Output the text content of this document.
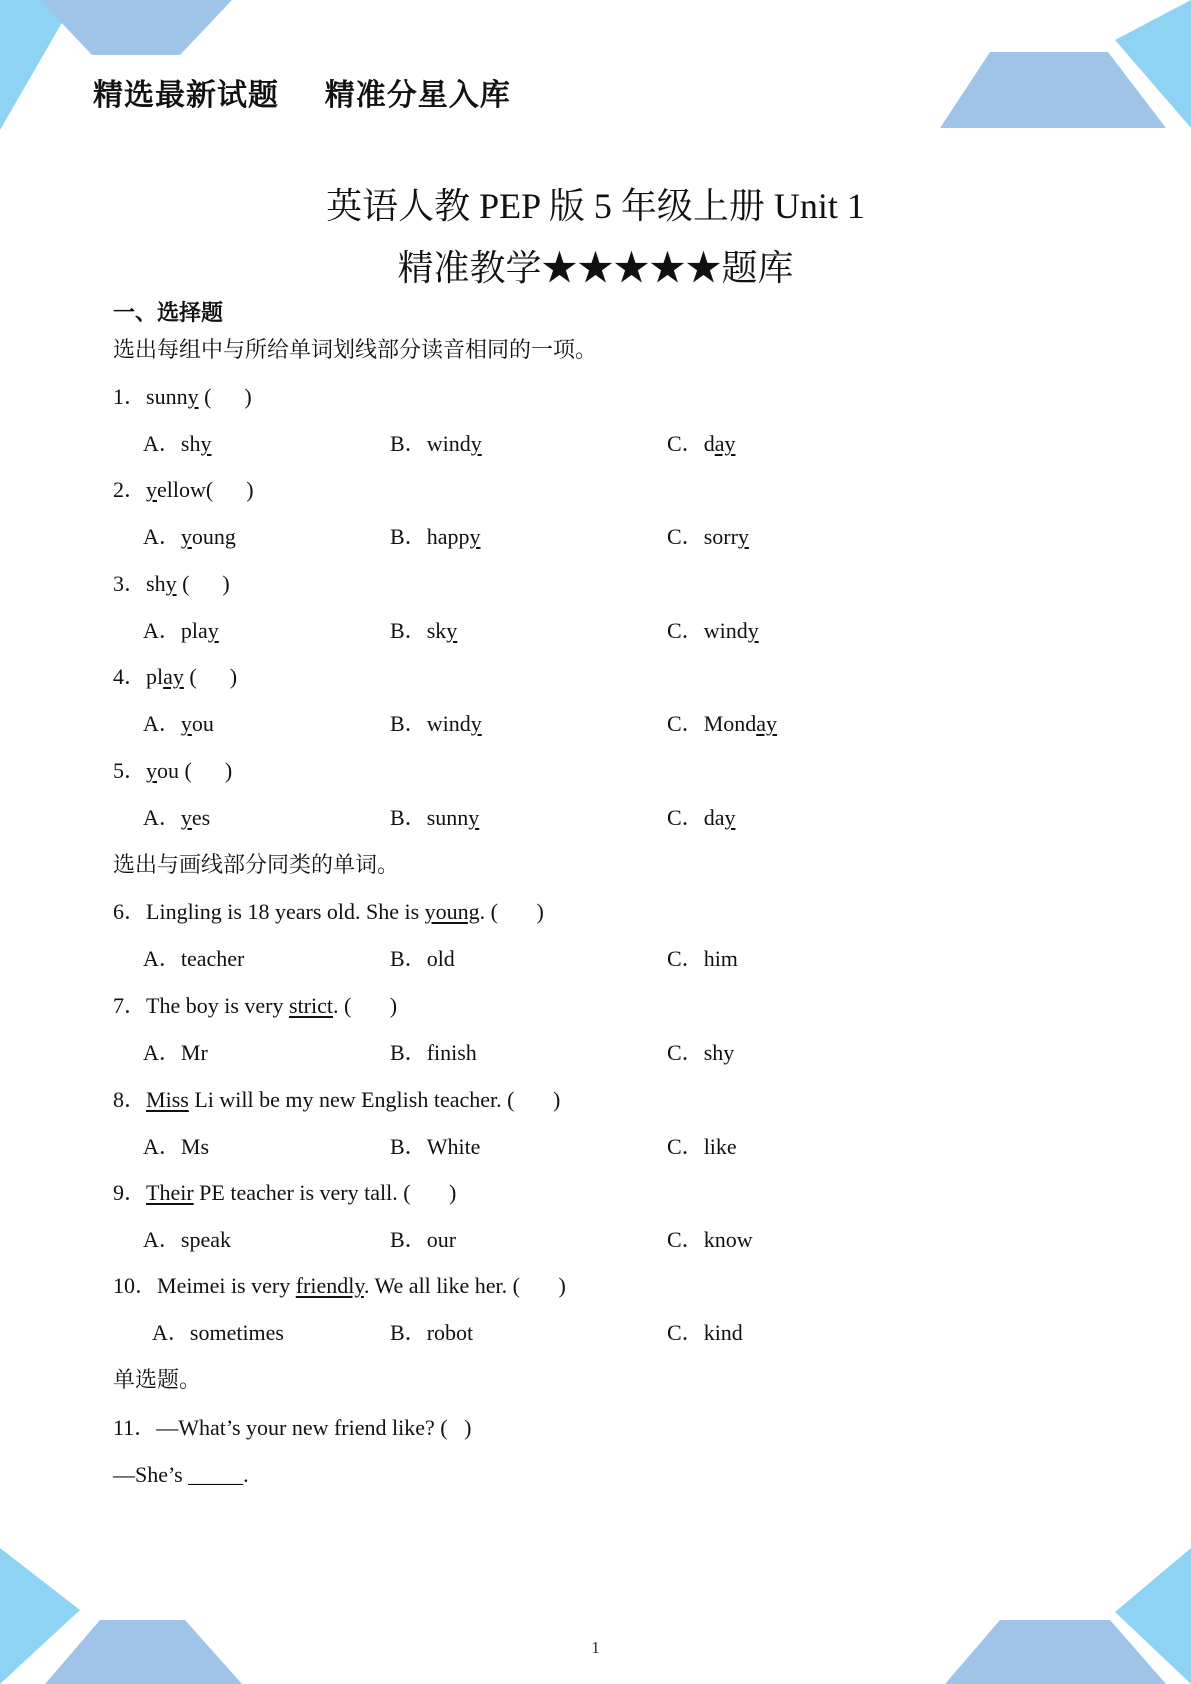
精选最新试题    精准分星入库
英语人教 PEP 版 5 年级上册 Unit 1
精准教学★★★★★题库
一、选择题
选出每组中与所给单词划线部分读音相同的一项。
选出与画线部分同类的单词。
单选题。
1．sunny (      )
A．shy	B．windy	C．day
2．yellow(      )
A．young	B．happy	C．sorry
3．shy (      )
A．play	B．sky	C．windy
4．play (      )
A．you	B．windy	C．Monday
5．you (      )
A．yes	B．sunny	C．day
6．Lingling is 18 years old. She is young. (       )
A．teacher	B．old	C．him
7．The boy is very strict. (       )
A．Mr	B．finish	C．shy
8．Miss Li will be my new English teacher. (       )
A．Ms	B．White	C．like
9．Their PE teacher is very tall. (       )
A．speak	B．our	C．know
10．Meimei is very friendly. We all like her. (       )
A．sometimes	B．robot	C．kind
11．—What’s your new friend like? (   )
—She’s _____.
1
